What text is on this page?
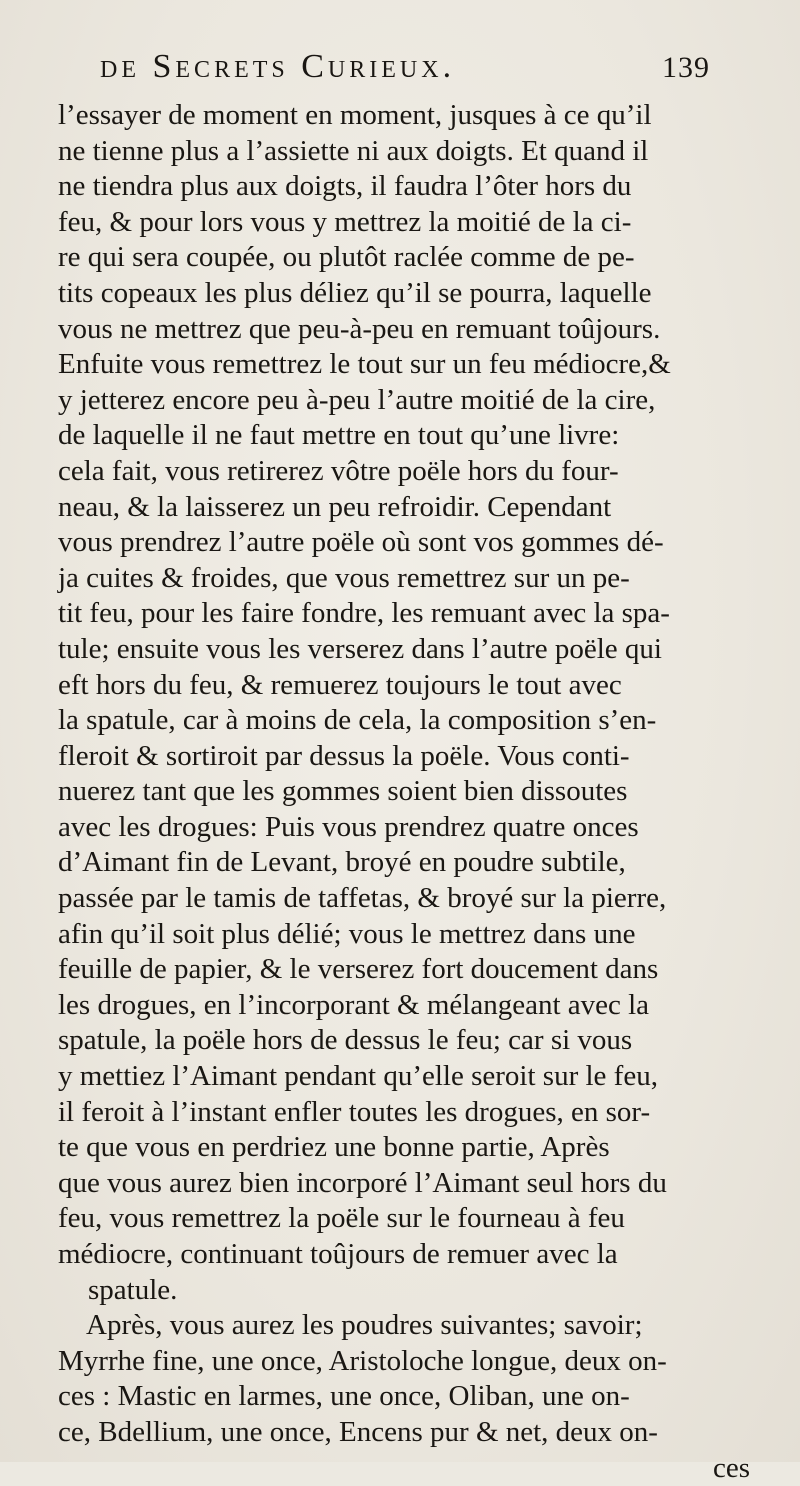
de Secrets Curieux.	139
l’essayer de moment en moment, jusques à ce qu’il
ne tienne plus a l’assiette ni aux doigts. Et quand il
ne tiendra plus aux doigts, il faudra l’ôter hors du
feu, & pour lors vous y mettrez la moitié de la ci-
re qui sera coupée, ou plutôt raclée comme de pe-
tits copeaux les plus déliez qu’il se pourra, laquelle
vous ne mettrez que peu-à-peu en remuant toûjours.
Enfuite vous remettrez le tout sur un feu médiocre,&
y jetterez encore peu à-peu l’autre moitié de la cire,
de laquelle il ne faut mettre en tout qu’une livre:
cela fait, vous retirerez vôtre poële hors du four-
neau, & la laisserez un peu refroidir. Cependant
vous prendrez l’autre poële où sont vos gommes dé-
ja cuites & froides, que vous remettrez sur un pe-
tit feu, pour les faire fondre, les remuant avec la spa-
tule; ensuite vous les verserez dans l’autre poële qui
eft hors du feu, & remuerez toujours le tout avec
la spatule, car à moins de cela, la composition s’en-
fleroit & sortiroit par dessus la poële. Vous conti-
nuerez tant que les gommes soient bien dissoutes
avec les drogues: Puis vous prendrez quatre onces
d’Aimant fin de Levant, broyé en poudre subtile,
passée par le tamis de taffetas, & broyé sur la pierre,
afin qu’il soit plus délié; vous le mettrez dans une
feuille de papier, & le verserez fort doucement dans
les drogues, en l’incorporant & mélangeant avec la
spatule, la poële hors de dessus le feu; car si vous
y mettiez l’Aimant pendant qu’elle seroit sur le feu,
il feroit à l’instant enfler toutes les drogues, en sor-
te que vous en perdriez une bonne partie, Après
que vous aurez bien incorporé l’Aimant seul hors du
feu, vous remettrez la poële sur le fourneau à feu
médiocre, continuant toûjours de remuer avec la
spatule.
Après, vous aurez les poudres suivantes; savoir;
Myrrhe fine, une once, Aristoloche longue, deux on-
ces : Mastic en larmes, une once, Oliban, une on-
ce, Bdellium, une once, Encens pur & net, deux on-
ces
